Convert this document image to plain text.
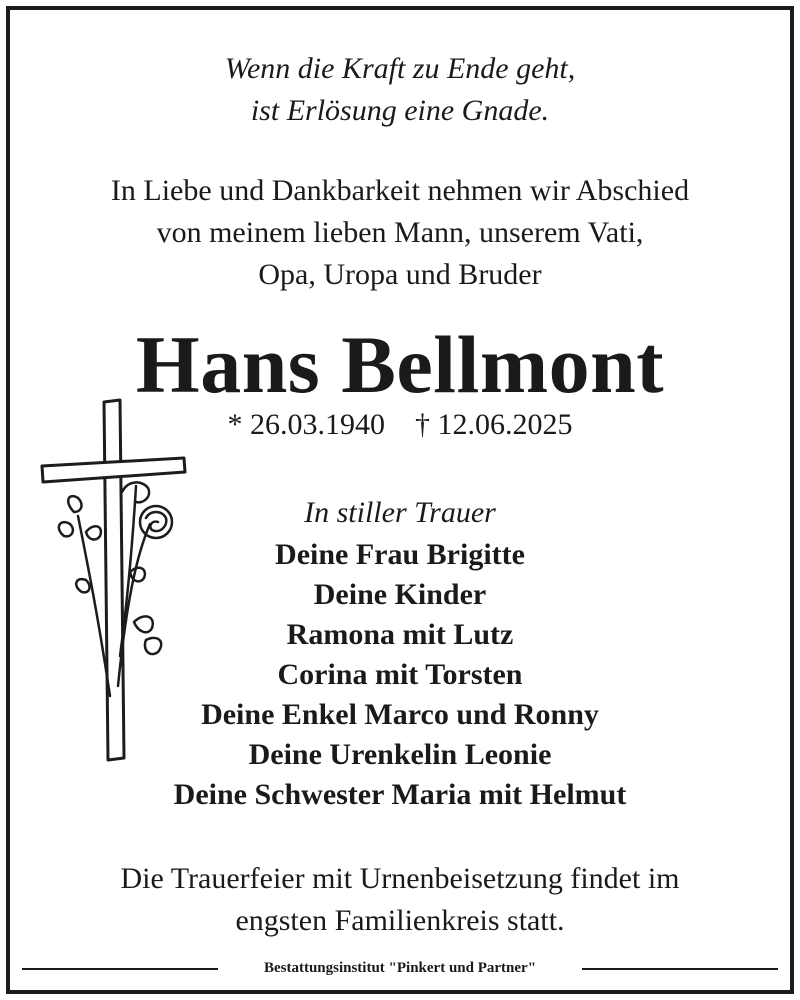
Wenn die Kraft zu Ende geht,
ist Erlösung eine Gnade.
In Liebe und Dankbarkeit nehmen wir Abschied
von meinem lieben Mann, unserem Vati,
Opa, Uropa und Bruder
Hans Bellmont
* 26.03.1940 † 12.06.2025
In stiller Trauer
Deine Frau Brigitte
Deine Kinder
Ramona mit Lutz
Corina mit Torsten
Deine Enkel Marco und Ronny
Deine Urenkelin Leonie
Deine Schwester Maria mit Helmut
Die Trauerfeier mit Urnenbeisetzung findet im
engsten Familienkreis statt.
Bestattungsinstitut "Pinkert und Partner"
